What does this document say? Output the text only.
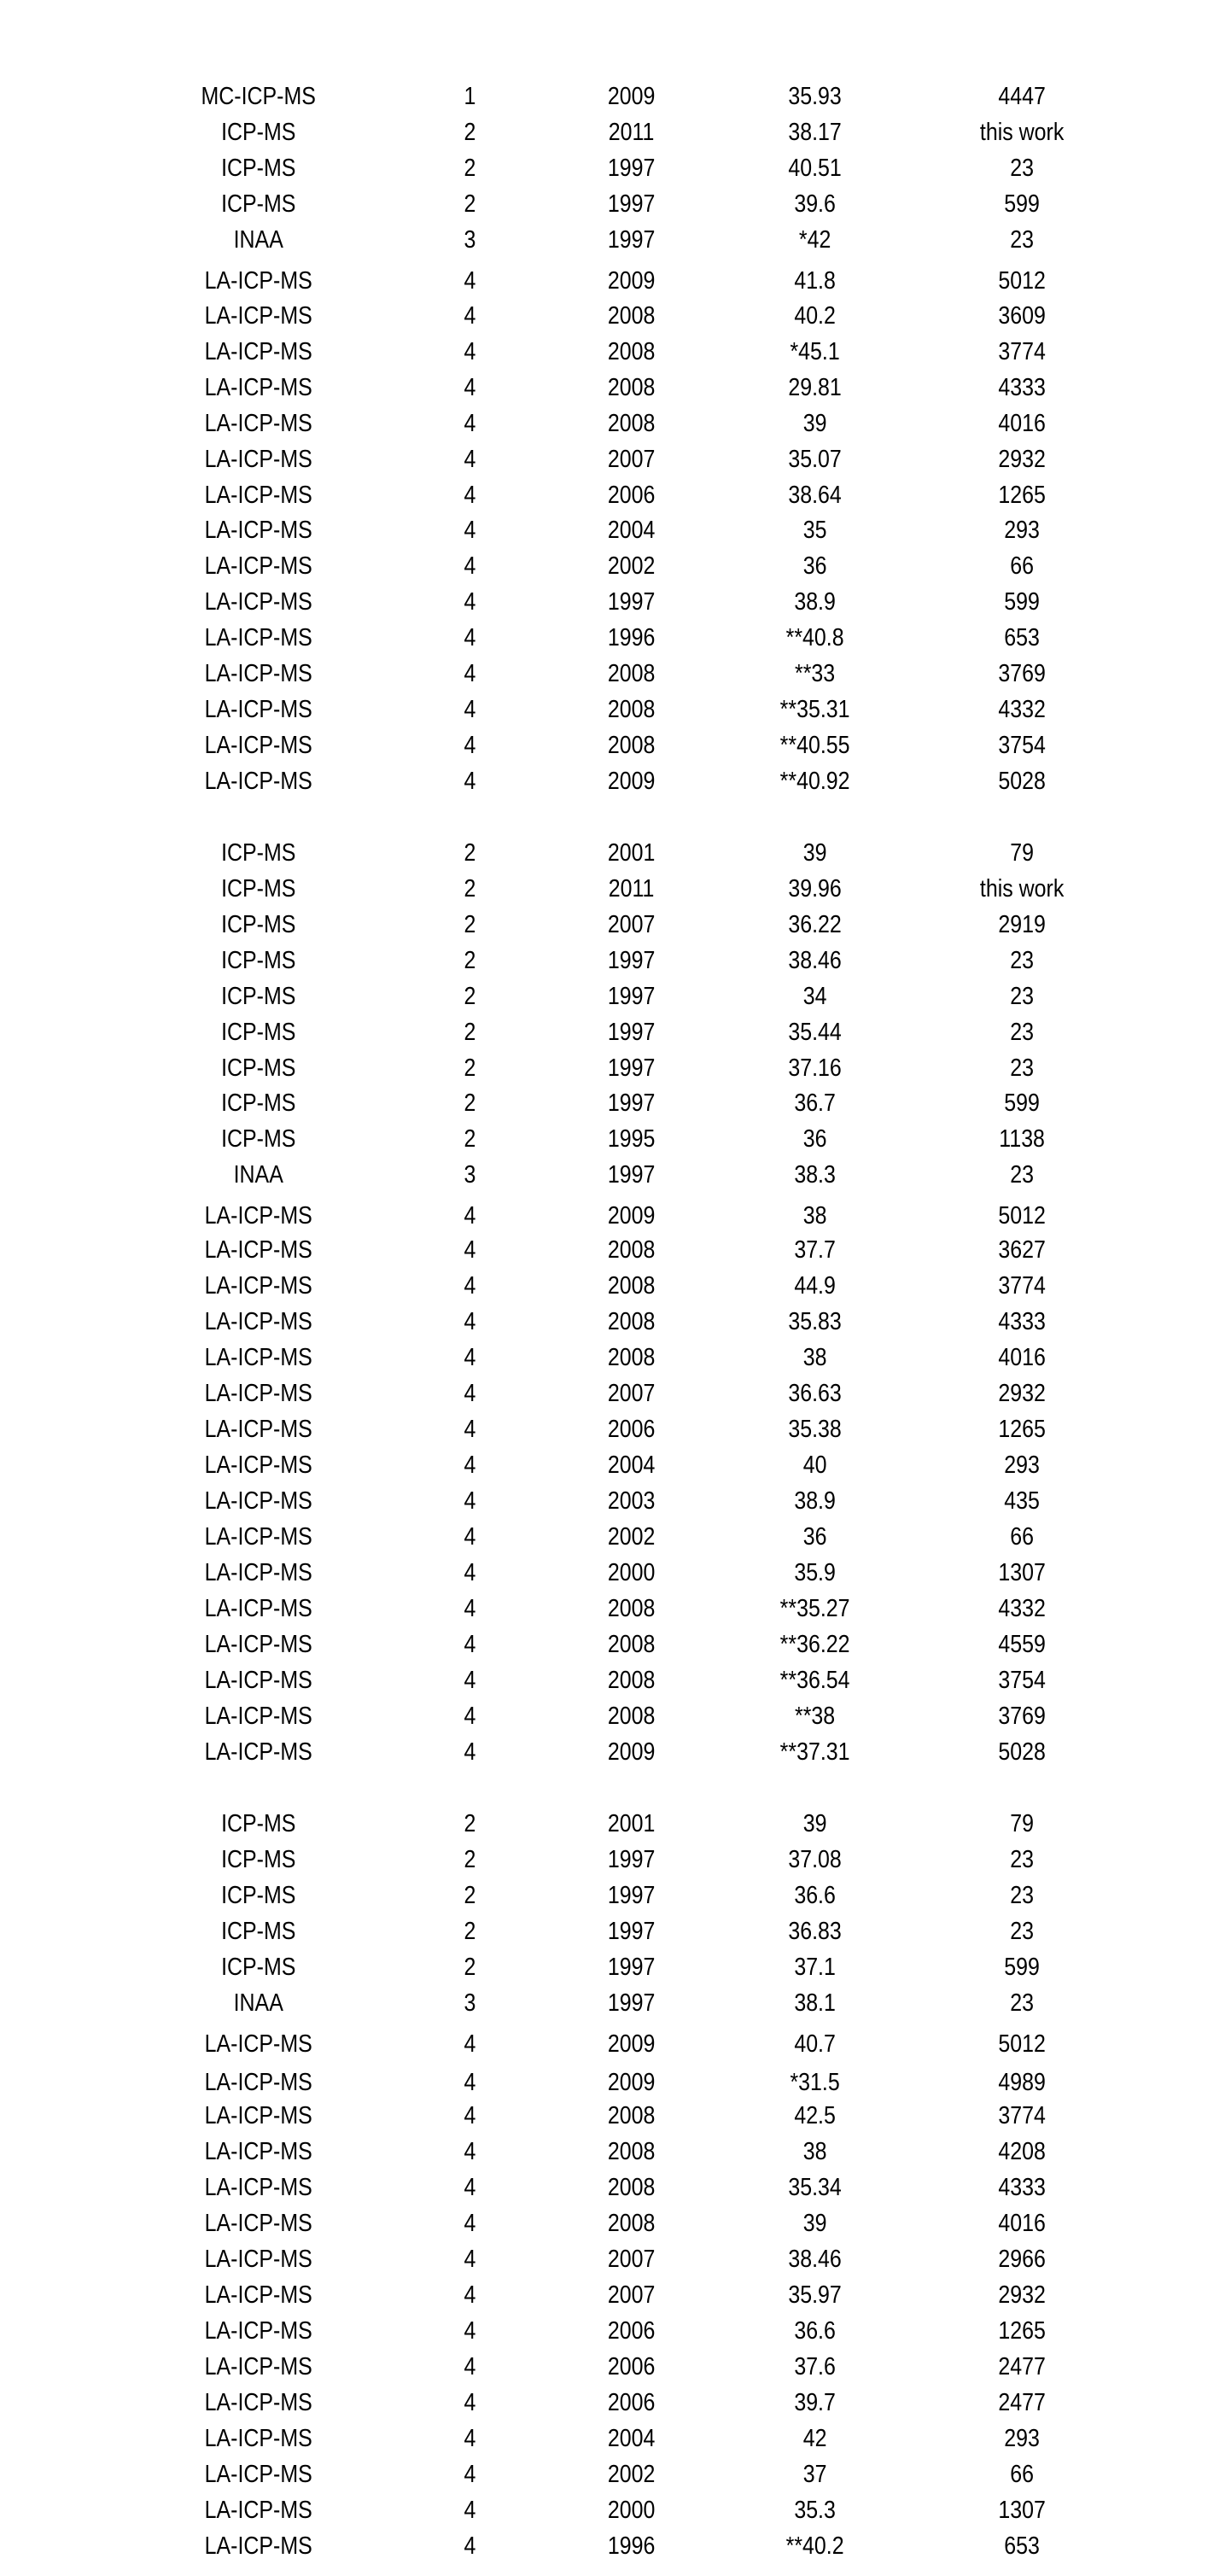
MC-ICP-MS	1	2009	35.93	4447
ICP-MS	2	2011	38.17	this work
ICP-MS	2	1997	40.51	23
ICP-MS	2	1997	39.6	599
INAA	3	1997	*42	23
LA-ICP-MS	4	2009	41.8	5012
LA-ICP-MS	4	2008	40.2	3609
LA-ICP-MS	4	2008	*45.1	3774
LA-ICP-MS	4	2008	29.81	4333
LA-ICP-MS	4	2008	39	4016
LA-ICP-MS	4	2007	35.07	2932
LA-ICP-MS	4	2006	38.64	1265
LA-ICP-MS	4	2004	35	293
LA-ICP-MS	4	2002	36	66
LA-ICP-MS	4	1997	38.9	599
LA-ICP-MS	4	1996	**40.8	653
LA-ICP-MS	4	2008	**33	3769
LA-ICP-MS	4	2008	**35.31	4332
LA-ICP-MS	4	2008	**40.55	3754
LA-ICP-MS	4	2009	**40.92	5028
ICP-MS	2	2001	39	79
ICP-MS	2	2011	39.96	this work
ICP-MS	2	2007	36.22	2919
ICP-MS	2	1997	38.46	23
ICP-MS	2	1997	34	23
ICP-MS	2	1997	35.44	23
ICP-MS	2	1997	37.16	23
ICP-MS	2	1997	36.7	599
ICP-MS	2	1995	36	1138
INAA	3	1997	38.3	23
LA-ICP-MS	4	2009	38	5012
LA-ICP-MS	4	2008	37.7	3627
LA-ICP-MS	4	2008	44.9	3774
LA-ICP-MS	4	2008	35.83	4333
LA-ICP-MS	4	2008	38	4016
LA-ICP-MS	4	2007	36.63	2932
LA-ICP-MS	4	2006	35.38	1265
LA-ICP-MS	4	2004	40	293
LA-ICP-MS	4	2003	38.9	435
LA-ICP-MS	4	2002	36	66
LA-ICP-MS	4	2000	35.9	1307
LA-ICP-MS	4	2008	**35.27	4332
LA-ICP-MS	4	2008	**36.22	4559
LA-ICP-MS	4	2008	**36.54	3754
LA-ICP-MS	4	2008	**38	3769
LA-ICP-MS	4	2009	**37.31	5028
ICP-MS	2	2001	39	79
ICP-MS	2	1997	37.08	23
ICP-MS	2	1997	36.6	23
ICP-MS	2	1997	36.83	23
ICP-MS	2	1997	37.1	599
INAA	3	1997	38.1	23
LA-ICP-MS	4	2009	40.7	5012
LA-ICP-MS	4	2009	*31.5	4989
LA-ICP-MS	4	2008	42.5	3774
LA-ICP-MS	4	2008	38	4208
LA-ICP-MS	4	2008	35.34	4333
LA-ICP-MS	4	2008	39	4016
LA-ICP-MS	4	2007	38.46	2966
LA-ICP-MS	4	2007	35.97	2932
LA-ICP-MS	4	2006	36.6	1265
LA-ICP-MS	4	2006	37.6	2477
LA-ICP-MS	4	2006	39.7	2477
LA-ICP-MS	4	2004	42	293
LA-ICP-MS	4	2002	37	66
LA-ICP-MS	4	2000	35.3	1307
LA-ICP-MS	4	1996	**40.2	653
